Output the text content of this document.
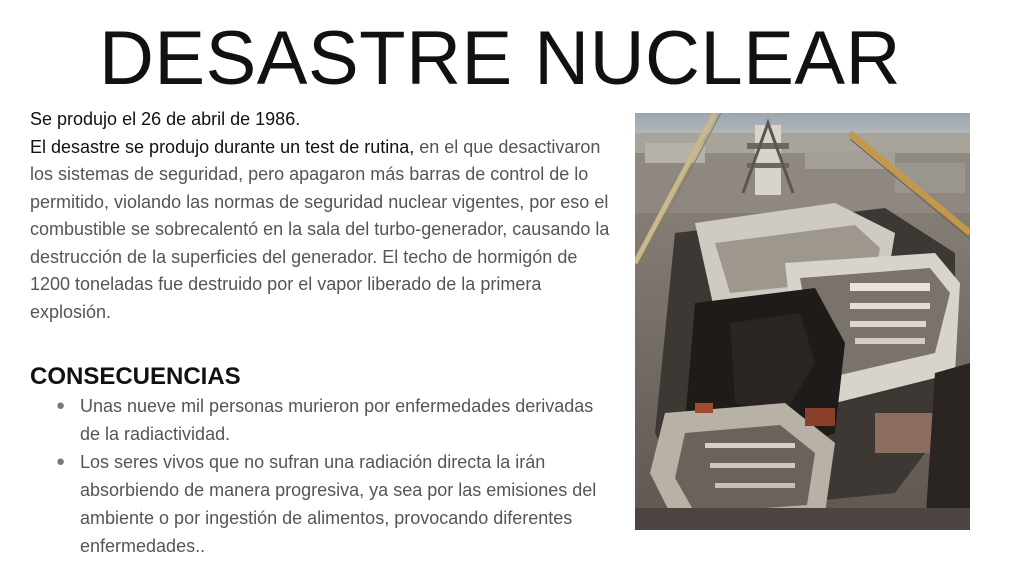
DESASTRE NUCLEAR
Se produjo el 26 de abril de 1986.
El desastre se produjo durante un test de rutina, en el que desactivaron los sistemas de seguridad, pero apagaron más barras de control de lo permitido, violando las normas de seguridad nuclear vigentes, por eso el combustible se sobrecalentó en la sala del turbo-generador, causando la destrucción de la superficies del generador. El techo de hormigón de 1200 toneladas fue destruido por el vapor liberado de la primera explosión.
CONSECUENCIAS
● Unas nueve mil personas murieron por enfermedades derivadas de la radiactividad.
● Los seres vivos que no sufran una radiación directa la irán absorbiendo de manera progresiva, ya sea por las emisiones del ambiente o por ingestión de alimentos, provocando diferentes enfermedades..
